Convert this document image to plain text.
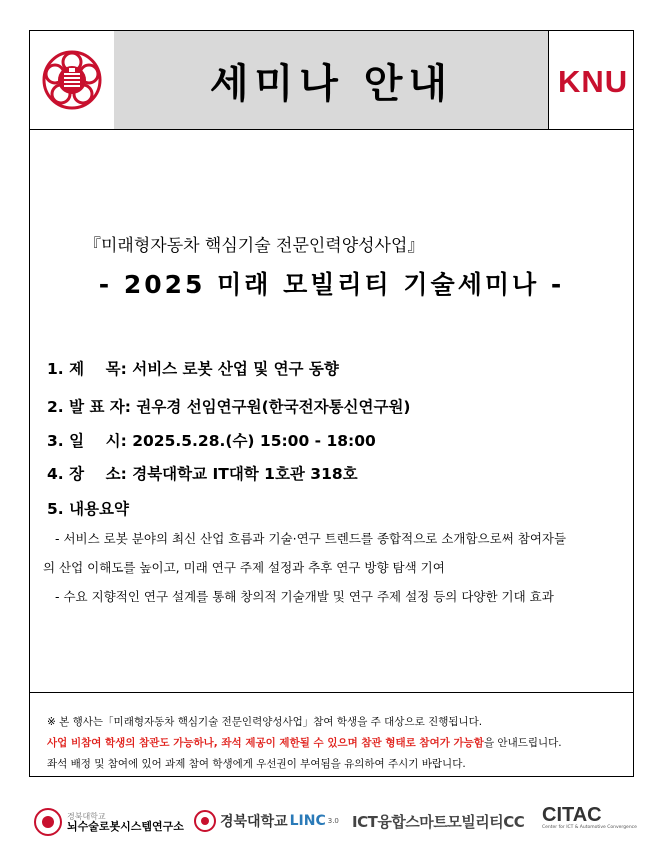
세미나 안내	KNU
『미래형자동차 핵심기술 전문인력양성사업』
- 2025 미래 모빌리티 기술세미나 -
1. 제    목: 서비스 로봇 산업 및 연구 동향
2. 발 표 자: 권우경 선임연구원(한국전자통신연구원)
3. 일    시: 2025.5.28.(수) 15:00 - 18:00
4. 장    소: 경북대학교 IT대학 1호관 318호
5. 내용요약
- 서비스 로봇 분야의 최신 산업 흐름과 기술·연구 트렌드를 종합적으로 소개함으로써 참여자들
의 산업 이해도를 높이고, 미래 연구 주제 설정과 추후 연구 방향 탐색 기여
- 수요 지향적인 연구 설계를 통해 창의적 기술개발 및 연구 주제 설정 등의 다양한 기대 효과
※ 본 행사는「미래형자동차 핵심기술 전문인력양성사업」참여 학생을 주 대상으로 진행됩니다.
사업 비참여 학생의 참관도 가능하나, 좌석 제공이 제한될 수 있으며 참관 형태로 참여가 가능함을 안내드립니다.
좌석 배정 및 참여에 있어 과제 참여 학생에게 우선권이 부여됨을 유의하여 주시기 바랍니다.
경북대학교
뇌수술로봇시스템연구소	경북대학교 LINC 3.0 ICT융합스마트모빌리티CC CITAC
Center for ICT & Automotive Convergence
